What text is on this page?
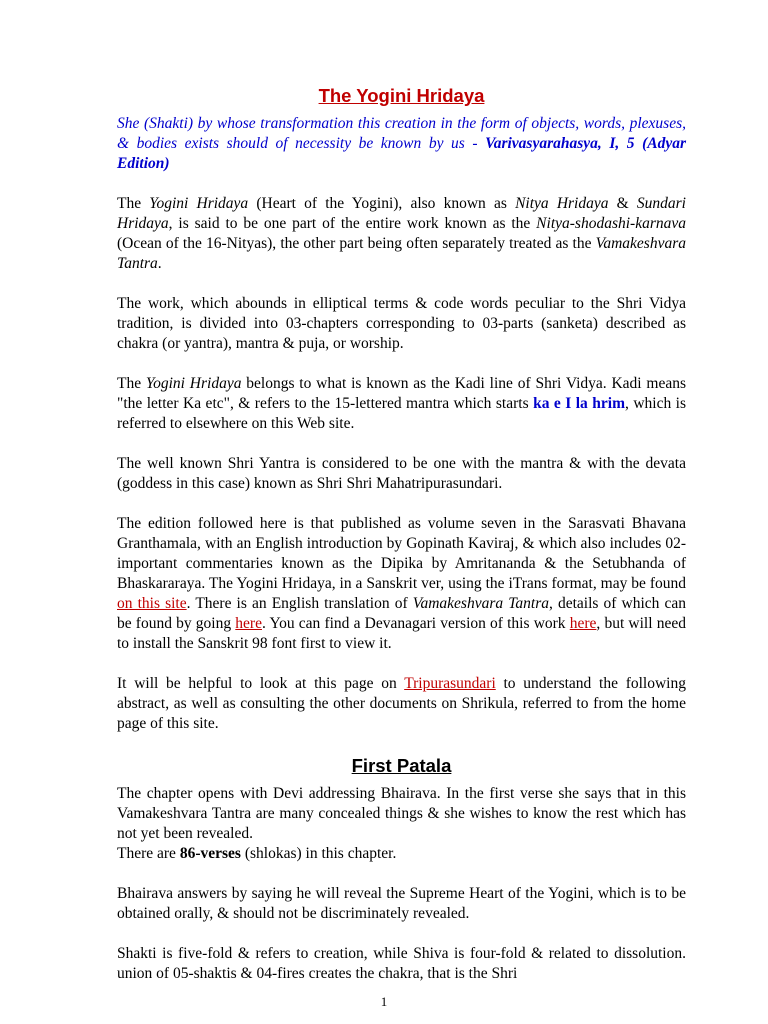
The Yogini Hridaya

She (Shakti) by whose transformation this creation in the form of objects, words, plexuses, & bodies exists should of necessity be known by us - Varivasyarahasya, I, 5 (Adyar Edition)

The Yogini Hridaya (Heart of the Yogini), also known as Nitya Hridaya & Sundari Hridaya, is said to be one part of the entire work known as the Nitya-shodashi-karnava (Ocean of the 16-Nityas), the other part being often separately treated as the Vamakeshvara Tantra.

The work, which abounds in elliptical terms & code words peculiar to the Shri Vidya tradition, is divided into 03-chapters corresponding to 03-parts (sanketa) described as chakra (or yantra), mantra & puja, or worship.

The Yogini Hridaya belongs to what is known as the Kadi line of Shri Vidya. Kadi means "the letter Ka etc", & refers to the 15-lettered mantra which starts ka e I la hrim, which is referred to elsewhere on this Web site.

The well known Shri Yantra is considered to be one with the mantra & with the devata (goddess in this case) known as Shri Shri Mahatripurasundari.

The edition followed here is that published as volume seven in the Sarasvati Bhavana Granthamala, with an English introduction by Gopinath Kaviraj, & which also includes 02-important commentaries known as the Dipika by Amritananda & the Setubhanda of Bhaskararaya. The Yogini Hridaya, in a Sanskrit ver, using the iTrans format, may be found on this site. There is an English translation of Vamakeshvara Tantra, details of which can be found by going here. You can find a Devanagari version of this work here, but will need to install the Sanskrit 98 font first to view it.

It will be helpful to look at this page on Tripurasundari to understand the following abstract, as well as consulting the other documents on Shrikula, referred to from the home page of this site.

First Patala

The chapter opens with Devi addressing Bhairava. In the first verse she says that in this Vamakeshvara Tantra are many concealed things & she wishes to know the rest which has not yet been revealed.
There are 86-verses (shlokas) in this chapter.

Bhairava answers by saying he will reveal the Supreme Heart of the Yogini, which is to be obtained orally, & should not be discriminately revealed.

Shakti is five-fold & refers to creation, while Shiva is four-fold & related to dissolution. union of 05-shaktis & 04-fires creates the chakra, that is the Shri

1
